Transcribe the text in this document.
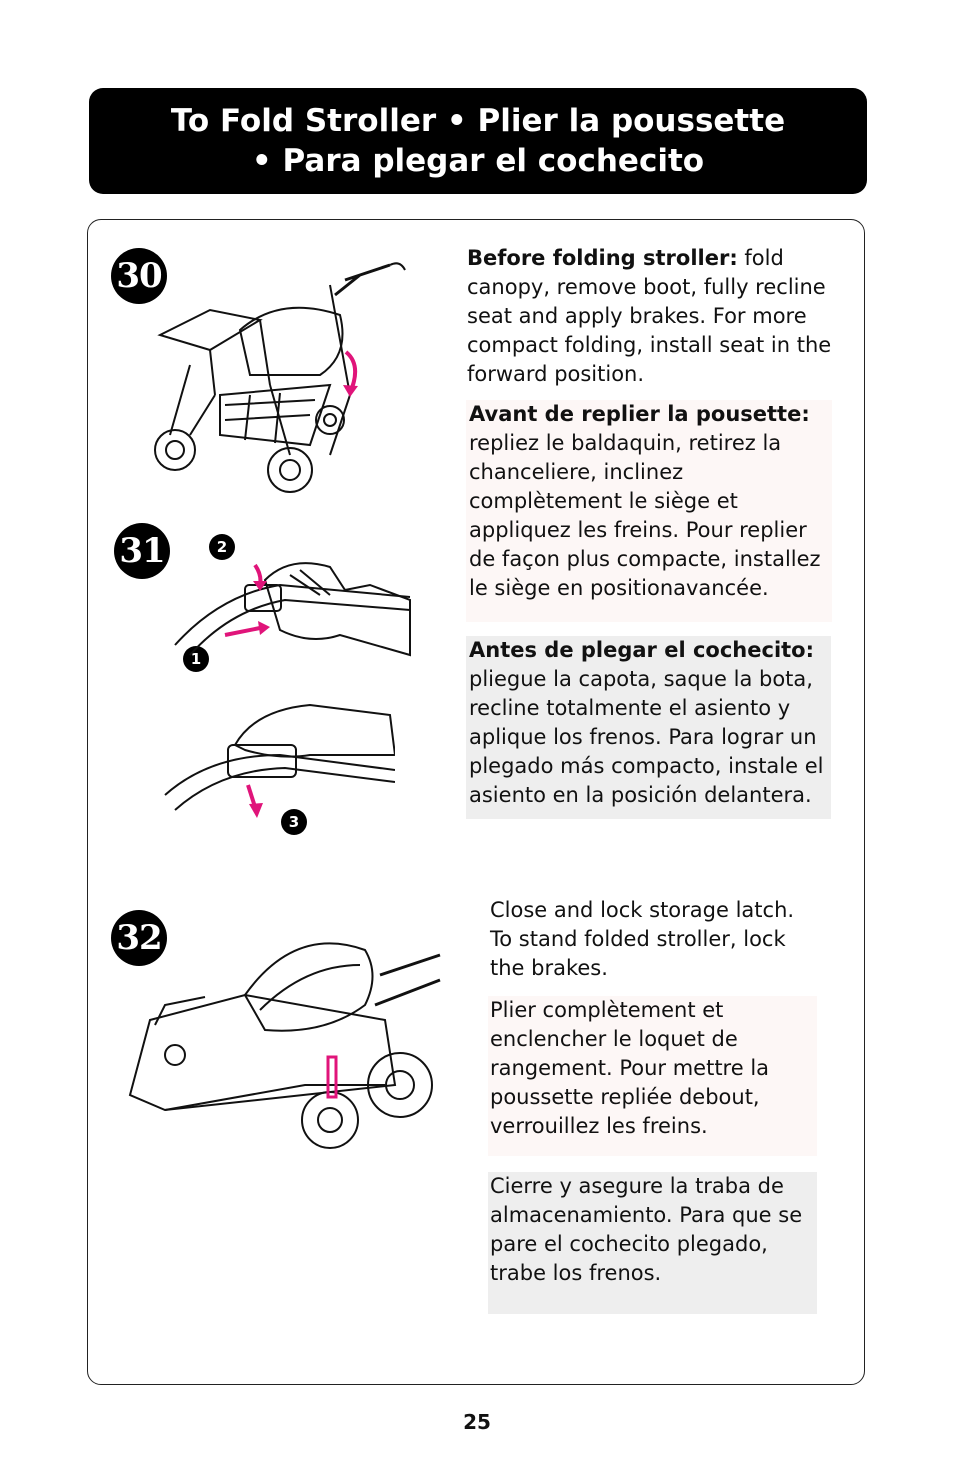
To Fold Stroller • Plier la poussette
• Para plegar el cochecito
30	Before folding stroller: fold canopy, remove boot, fully recline seat and apply brakes. For more compact folding, install seat in the forward position.
Avant de replier la pousette: repliez le baldaquin, retirez la chanceliere, inclinez complètement le siège et appliquez les freins. Pour replier de façon plus compacte, installez le siège en positionavancée.
Antes de plegar el cochecito: pliegue la capota, saque la bota, recline totalmente el asiento y aplique los frenos. Para lograr un plegado más compacto, instale el asiento en la posición delantera.
31	2
1
3
32
Close and lock storage latch. To stand folded stroller, lock the brakes.
Plier complètement et enclencher le loquet de rangement. Pour mettre la poussette repliée debout, verrouillez les freins.
Cierre y asegure la traba de almacenamiento. Para que se pare el cochecito plegado, trabe los frenos.
25
